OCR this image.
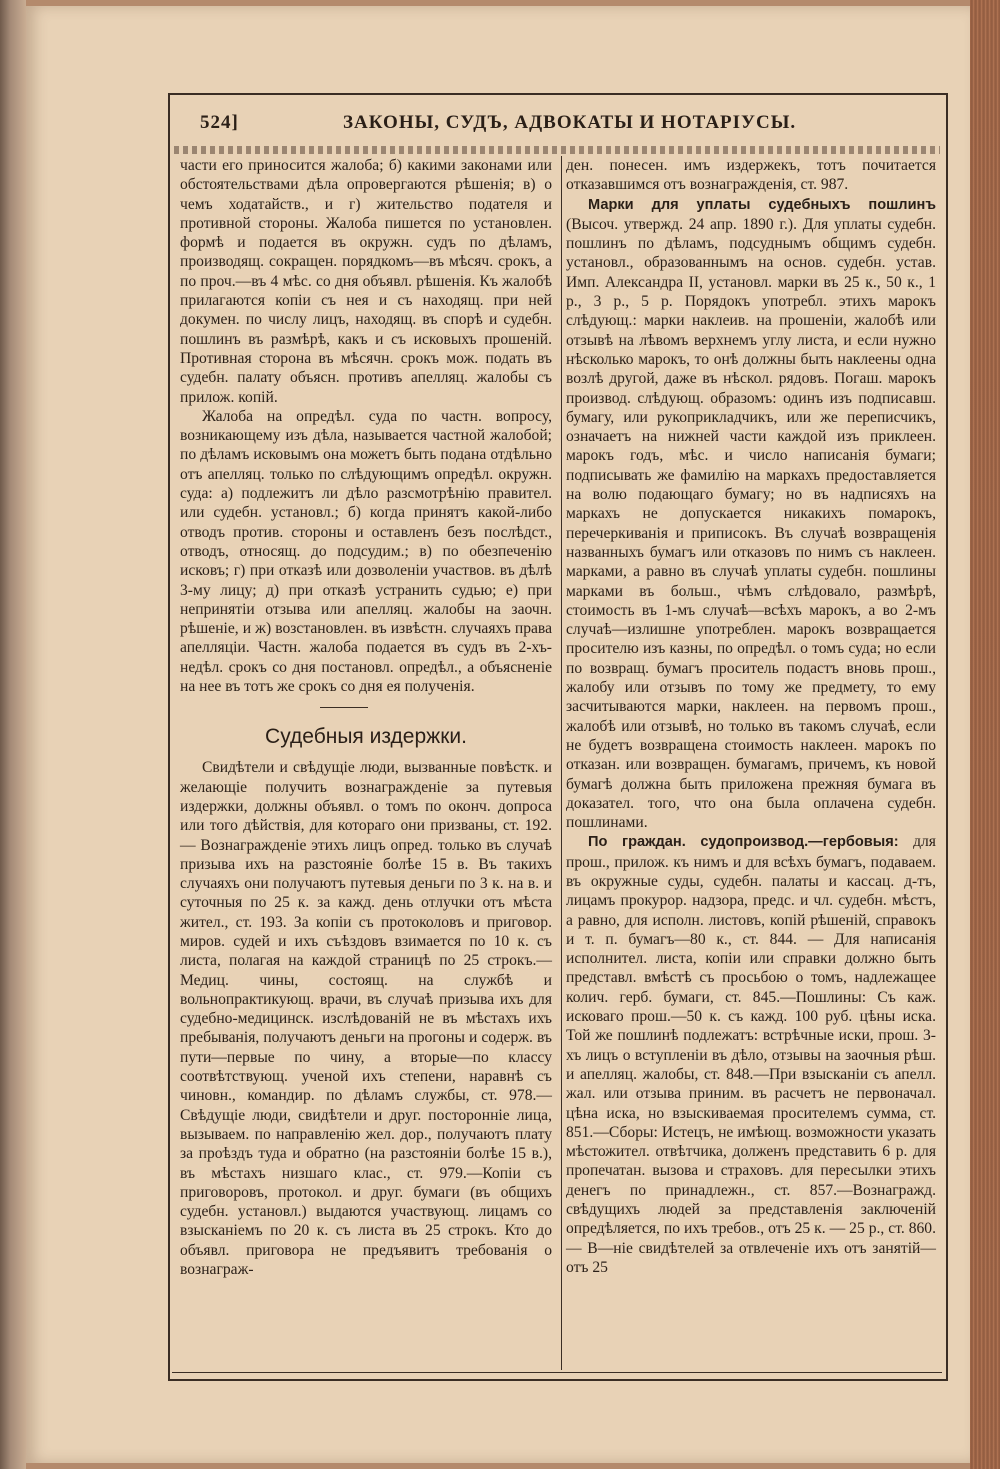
524]	ЗАКОНЫ, СУДЪ, АДВОКАТЫ И НОТАРІУСЫ.

части его приносится жалоба; б) какими законами или обстоятельствами дѣла опровергаются рѣшенія; в) о чемъ ходатайств., и г) жительство подателя и противной стороны. Жалоба пишется по установлен. формѣ и подается въ окружн. судъ по дѣламъ, производящ. сокращен. порядкомъ—въ мѣсяч. срокъ, а по проч.—въ 4 мѣс. со дня объявл. рѣшенія. Къ жалобѣ прилагаются копіи съ нея и съ находящ. при ней докумен. по числу лицъ, находящ. въ спорѣ и судебн. пошлинъ въ размѣрѣ, какъ и съ исковыхъ прошеній. Противная сторона въ мѣсячн. срокъ мож. подать въ судебн. палату объясн. противъ апелляц. жалобы съ прилож. копій.

Жалоба на опредѣл. суда по частн. вопросу, возникающему изъ дѣла, называется частной жалобой; по дѣламъ исковымъ она можетъ быть подана отдѣльно отъ апелляц. только по слѣдующимъ опредѣл. окружн. суда: а) подлежитъ ли дѣло разсмотрѣнію правител. или судебн. установл.; б) когда принятъ какой-либо отводъ против. стороны и оставленъ безъ послѣдст., отводъ, относящ. до подсудим.; в) по обезпеченію исковъ; г) при отказѣ или дозволеніи участвов. въ дѣлѣ 3-му лицу; д) при отказѣ устранить судью; е) при непринятіи отзыва или апелляц. жалобы на заочн. рѣшеніе, и ж) возстановлен. въ извѣстн. случаяхъ права апелляціи. Частн. жалоба подается въ судъ въ 2-хъ-недѣл. срокъ со дня постановл. опредѣл., а объясненіе на нее въ тотъ же срокъ со дня ея полученія.

Судебныя издержки.

Свидѣтели и свѣдущіе люди, вызванные повѣстк. и желающіе получить вознагражденіе за путевыя издержки, должны объявл. о томъ по оконч. допроса или того дѣйствія, для котораго они призваны, ст. 192.— Вознагражденіе этихъ лицъ опред. только въ случаѣ призыва ихъ на разстояніе болѣе 15 в. Въ такихъ случаяхъ они получаютъ путевыя деньги по 3 к. на в. и суточныя по 25 к. за кажд. день отлучки отъ мѣста жител., ст. 193. За копіи съ протоколовъ и приговор. миров. судей и ихъ съѣздовъ взимается по 10 к. съ листа, полагая на каждой страницѣ по 25 строкъ.— Медиц. чины, состоящ. на службѣ и вольнопрактикующ. врачи, въ случаѣ призыва ихъ для судебно-медицинск. изслѣдованій не въ мѣстахъ ихъ пребыванія, получаютъ деньги на прогоны и содерж. въ пути—первые по чину, а вторые—по классу соотвѣтствующ. ученой ихъ степени, наравнѣ съ чиновн., командир. по дѣламъ службы, ст. 978.—Свѣдущіе люди, свидѣтели и друг. посторонніе лица, вызываем. по направленію жел. дор., получаютъ плату за проѣздъ туда и обратно (на разстояніи болѣе 15 в.), въ мѣстахъ низшаго клас., ст. 979.—Копіи съ приговоровъ, протокол. и друг. бумаги (въ общихъ судебн. установл.) выдаются участвующ. лицамъ со взысканіемъ по 20 к. съ листа въ 25 строкъ. Кто до объявл. приговора не предъявитъ требованія о вознаграж-

ден. понесен. имъ издержекъ, тотъ почитается отказавшимся отъ вознагражденія, ст. 987.

Марки для уплаты судебныхъ пошлинъ (Высоч. утвержд. 24 апр. 1890 г.). Для уплаты судебн. пошлинъ по дѣламъ, подсуднымъ общимъ судебн. установл., образованнымъ на основ. судебн. устав. Имп. Александра II, установл. марки въ 25 к., 50 к., 1 р., 3 р., 5 р. Порядокъ употребл. этихъ марокъ слѣдующ.: марки наклеив. на прошеніи, жалобѣ или отзывѣ на лѣвомъ верхнемъ углу листа, и если нужно нѣсколько марокъ, то онѣ должны быть наклеены одна возлѣ другой, даже въ нѣскол. рядовъ. Погаш. марокъ производ. слѣдующ. образомъ: одинъ изъ подписавш. бумагу, или рукоприкладчикъ, или же переписчикъ, означаетъ на нижней части каждой изъ приклеен. марокъ годъ, мѣс. и число написанія бумаги; подписывать же фамилію на маркахъ предоставляется на волю подающаго бумагу; но въ надписяхъ на маркахъ не допускается никакихъ помарокъ, перечеркиванія и приписокъ. Въ случаѣ возвращенія названныхъ бумагъ или отказовъ по нимъ съ наклеен. марками, а равно въ случаѣ уплаты судебн. пошлины марками въ больш., чѣмъ слѣдовало, размѣрѣ, стоимость въ 1-мъ случаѣ—всѣхъ марокъ, а во 2-мъ случаѣ—излишне употреблен. марокъ возвращается просителю изъ казны, по опредѣл. о томъ суда; но если по возвращ. бумагъ проситель подастъ вновь прош., жалобу или отзывъ по тому же предмету, то ему засчитываются марки, наклеен. на первомъ прош., жалобѣ или отзывѣ, но только въ такомъ случаѣ, если не будетъ возвращена стоимость наклеен. марокъ по отказан. или возвращен. бумагамъ, причемъ, къ новой бумагѣ должна быть приложена прежняя бумага въ доказател. того, что она была оплачена судебн. пошлинами.

По граждан. судопроизвод.—гербовыя: для прош., прилож. къ нимъ и для всѣхъ бумагъ, подаваем. въ окружные суды, судебн. палаты и кассац. д-тъ, лицамъ прокурор. надзора, предс. и чл. судебн. мѣстъ, а равно, для исполн. листовъ, копій рѣшеній, справокъ и т. п. бумагъ—80 к., ст. 844. — Для написанія исполнител. листа, копіи или справки должно быть представл. вмѣстѣ съ просьбою о томъ, надлежащее колич. герб. бумаги, ст. 845.—Пошлины: Съ каж. исковаго прош.—50 к. съ кажд. 100 руб. цѣны иска. Той же пошлинѣ подлежатъ: встрѣчные иски, прош. 3-хъ лицъ о вступленіи въ дѣло, отзывы на заочныя рѣш. и апелляц. жалобы, ст. 848.—При взысканіи съ апелл. жал. или отзыва приним. въ расчетъ не первоначал. цѣна иска, но взыскиваемая просителемъ сумма, ст. 851.—Сборы: Истецъ, не имѣющ. возможности указать мѣстожител. отвѣтчика, долженъ представить 6 р. для пропечатан. вызова и страховъ. для пересылки этихъ денегъ по принадлежн., ст. 857.—Вознагражд. свѣдущихъ людей за представленія заключеній опредѣляется, по ихъ требов., отъ 25 к. — 25 р., ст. 860. — В—ніе свидѣтелей за отвлеченіе ихъ отъ занятій—отъ 25
